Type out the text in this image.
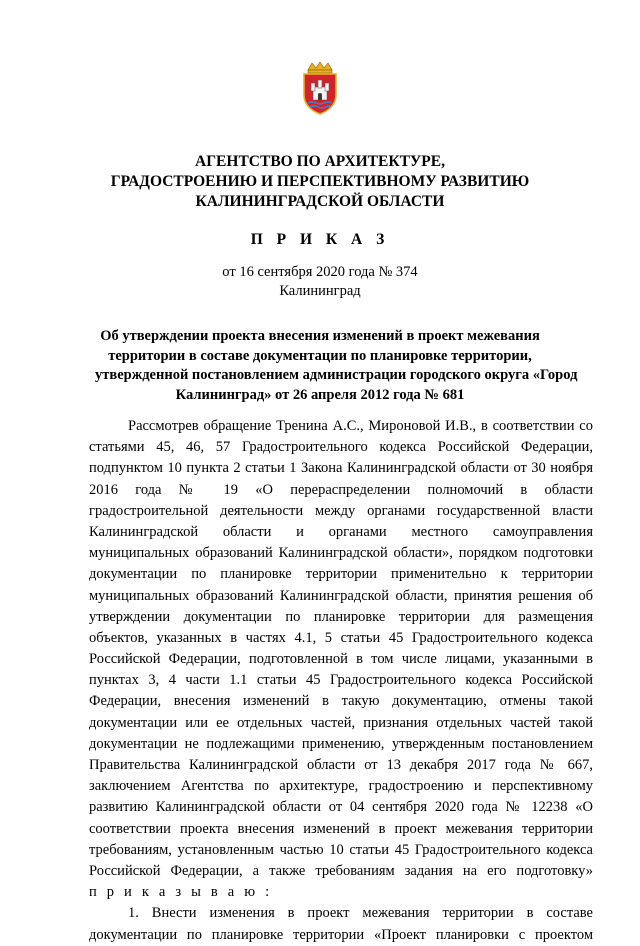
АГЕНТСТВО ПО АРХИТЕКТУРЕ,
ГРАДОСТРОЕНИЮ И ПЕРСПЕКТИВНОМУ РАЗВИТИЮ
КАЛИНИНГРАДСКОЙ ОБЛАСТИ
П Р И К А З
от 16 сентября 2020 года № 374
Калининград
Об утверждении проекта внесения изменений в проект межевания
территории в составе документации по планировке территории,
утвержденной постановлением администрации городского округа «Город
Калининград» от 26 апреля 2012 года № 681
Рассмотрев обращение Тренина А.С., Мироновой И.В., в соответствии со
статьями 45, 46, 57 Градостроительного кодекса Российской Федерации,
подпунктом 10 пункта 2 статьи 1 Закона Калининградской области от 30 ноября
2016 года № 19 «О перераспределении полномочий в области
градостроительной деятельности между органами государственной власти
Калининградской области и органами местного самоуправления
муниципальных образований Калининградской области», порядком подготовки
документации по планировке территории применительно к территории
муниципальных образований Калининградской области, принятия решения об
утверждении документации по планировке территории для размещения
объектов, указанных в частях 4.1, 5 статьи 45 Градостроительного кодекса
Российской Федерации, подготовленной в том числе лицами, указанными в
пунктах 3, 4 части 1.1 статьи 45 Градостроительного кодекса Российской
Федерации, внесения изменений в такую документацию, отмены такой
документации или ее отдельных частей, признания отдельных частей такой
документации не подлежащими применению, утвержденным постановлением
Правительства Калининградской области от 13 декабря 2017 года № 667,
заключением Агентства по архитектуре, градостроению и перспективному
развитию Калининградской области от 04 сентября 2020 года № 12238 «О
соответствии проекта внесения изменений в проект межевания территории
требованиям, установленным частью 10 статьи 45 Градостроительного кодекса
Российской Федерации, а также требованиям задания на его подготовку»
п р и к а з ы в а ю :
1. Внести изменения в проект межевания территории в составе
документации по планировке территории «Проект планировки с проектом
